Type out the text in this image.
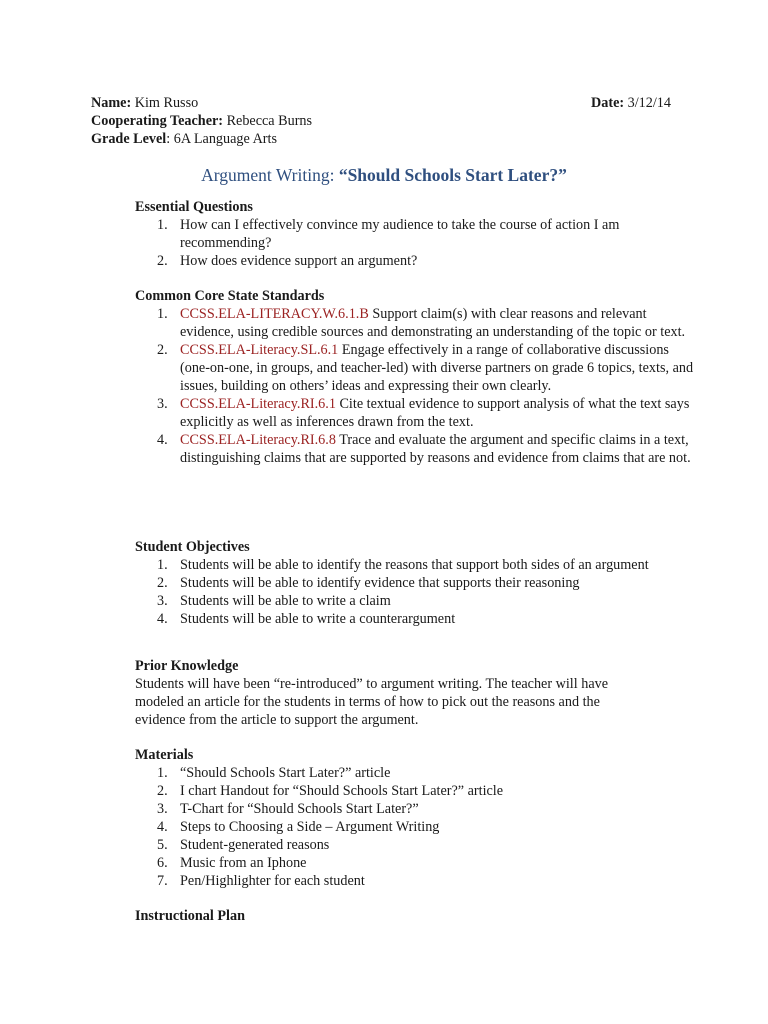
Name: Kim Russo	Date: 3/12/14
Cooperating Teacher: Rebecca Burns
Grade Level: 6A Language Arts
Argument Writing: “Should Schools Start Later?”

Essential Questions

1. How can I effectively convince my audience to take the course of action I am recommending?
2. How does evidence support an argument?

Common Core State Standards

1. CCSS.ELA-LITERACY.W.6.1.B Support claim(s) with clear reasons and relevant evidence, using credible sources and demonstrating an understanding of the topic or text.
2. CCSS.ELA-Literacy.SL.6.1 Engage effectively in a range of collaborative discussions (one-on-one, in groups, and teacher-led) with diverse partners on grade 6 topics, texts, and issues, building on others’ ideas and expressing their own clearly.
3. CCSS.ELA-Literacy.RI.6.1 Cite textual evidence to support analysis of what the text says explicitly as well as inferences drawn from the text.
4. CCSS.ELA-Literacy.RI.6.8 Trace and evaluate the argument and specific claims in a text, distinguishing claims that are supported by reasons and evidence from claims that are not.

Student Objectives

1. Students will be able to identify the reasons that support both sides of an argument
2. Students will be able to identify evidence that supports their reasoning
3. Students will be able to write a claim
4. Students will be able to write a counterargument

Prior Knowledge

Students will have been “re-introduced” to argument writing. The teacher will have modeled an article for the students in terms of how to pick out the reasons and the evidence from the article to support the argument.

Materials

1. “Should Schools Start Later?” article
2. I chart Handout for “Should Schools Start Later?” article
3. T-Chart for “Should Schools Start Later?”
4. Steps to Choosing a Side – Argument Writing
5. Student-generated reasons
6. Music from an Iphone
7. Pen/Highlighter for each student

Instructional Plan
